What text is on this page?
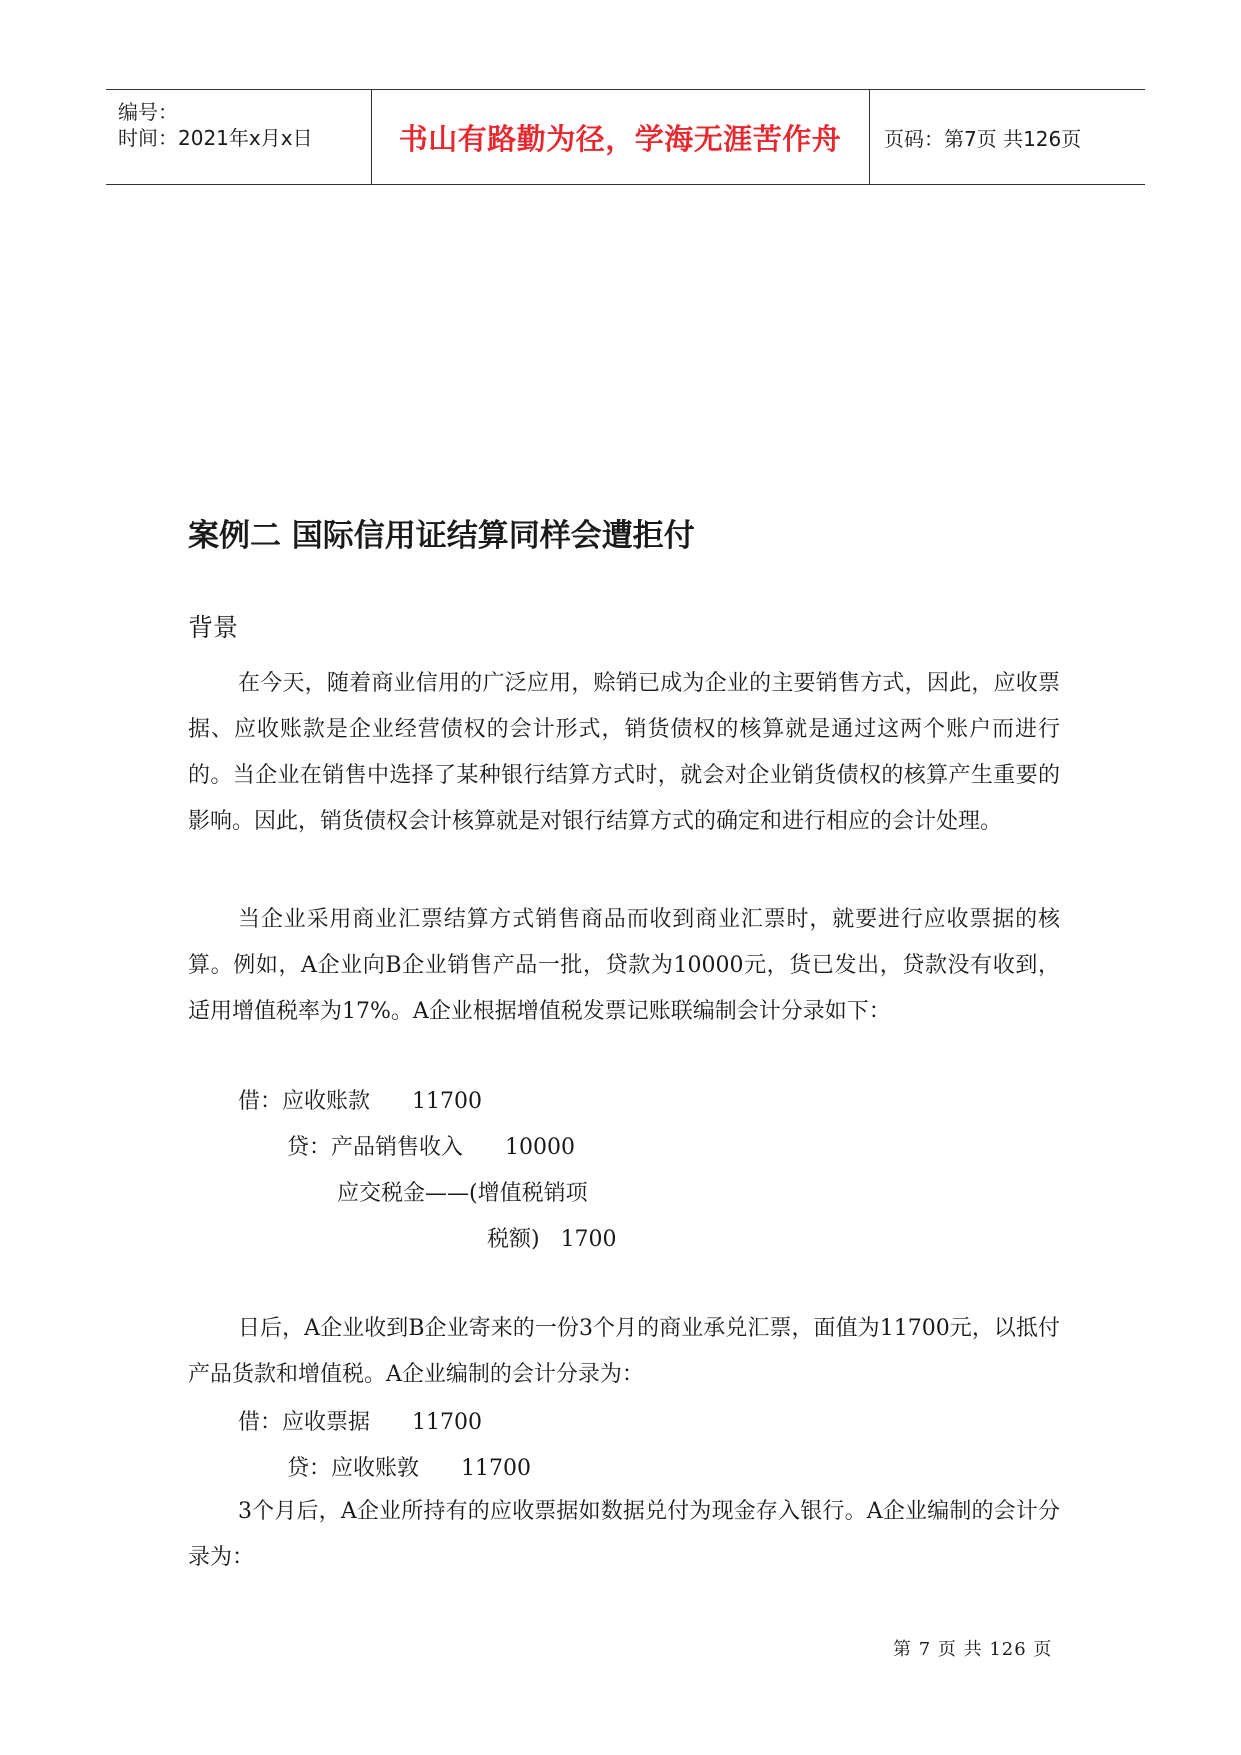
编号：
时间：2021年x月x日	书山有路勤为径，学海无涯苦作舟	页码：第7页 共126页
案例二 国际信用证结算同样会遭拒付
背景

在今天，随着商业信用的广泛应用，赊销已成为企业的主要销售方式，因此，应收票据、应收账款是企业经营债权的会计形式，销货债权的核算就是通过这两个账户而进行的。当企业在销售中选择了某种银行结算方式时，就会对企业销货债权的核算产生重要的影响。因此，销货债权会计核算就是对银行结算方式的确定和进行相应的会计处理。

当企业采用商业汇票结算方式销售商品而收到商业汇票时，就要进行应收票据的核算。例如，A企业向B企业销售产品一批，贷款为10000元，货已发出，贷款没有收到，适用增值税率为17%。A企业根据增值税发票记账联编制会计分录如下：

借：应收账款      11700
贷：产品销售收入      10000
应交税金——(增值税销项
税额)   1700

日后，A企业收到B企业寄来的一份3个月的商业承兑汇票，面值为11700元，以抵付产品货款和增值税。A企业编制的会计分录为：

借：应收票据      11700
贷：应收账敦      11700

3个月后，A企业所持有的应收票据如数据兑付为现金存入银行。A企业编制的会计分录为：

第 7 页 共 126 页
